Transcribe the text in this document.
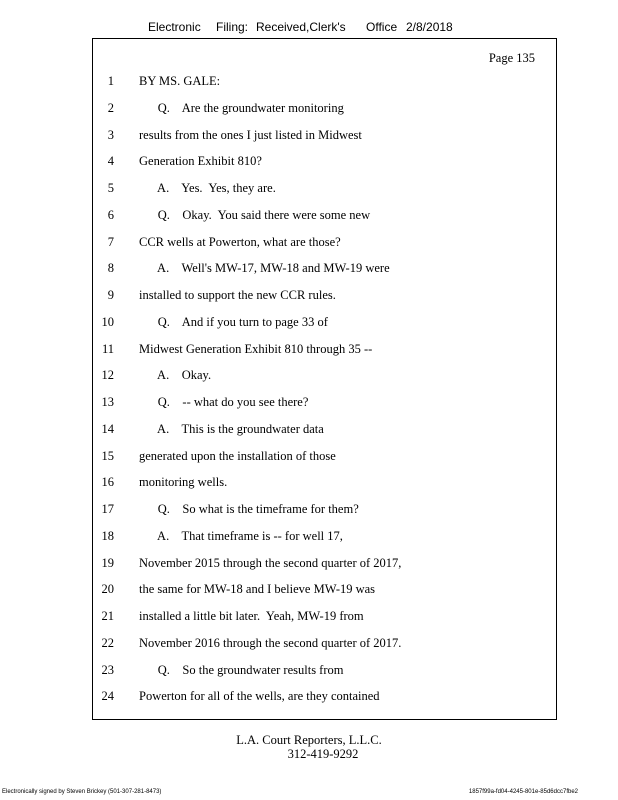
Electronic Filing: Received,Clerk's Office 2/8/2018
Page 135
1 BY MS. GALE:
2 Q.    Are the groundwater monitoring
3 results from the ones I just listed in Midwest
4 Generation Exhibit 810?
5 A.    Yes.  Yes, they are.
6 Q.    Okay.  You said there were some new
7 CCR wells at Powerton, what are those?
8 A.    Well's MW-17, MW-18 and MW-19 were
9 installed to support the new CCR rules.
10 Q.    And if you turn to page 33 of
11 Midwest Generation Exhibit 810 through 35 --
12 A.    Okay.
13 Q.    -- what do you see there?
14 A.    This is the groundwater data
15 generated upon the installation of those
16 monitoring wells.
17 Q.    So what is the timeframe for them?
18 A.    That timeframe is -- for well 17,
19 November 2015 through the second quarter of 2017,
20 the same for MW-18 and I believe MW-19 was
21 installed a little bit later.  Yeah, MW-19 from
22 November 2016 through the second quarter of 2017.
23 Q.    So the groundwater results from
24 Powerton for all of the wells, are they contained
L.A. Court Reporters, L.L.C.
312-419-9292
Electronically signed by Steven Brickey (501-307-281-8473)	1857f99a-fd04-4245-801e-85d6dcc7fbe2
